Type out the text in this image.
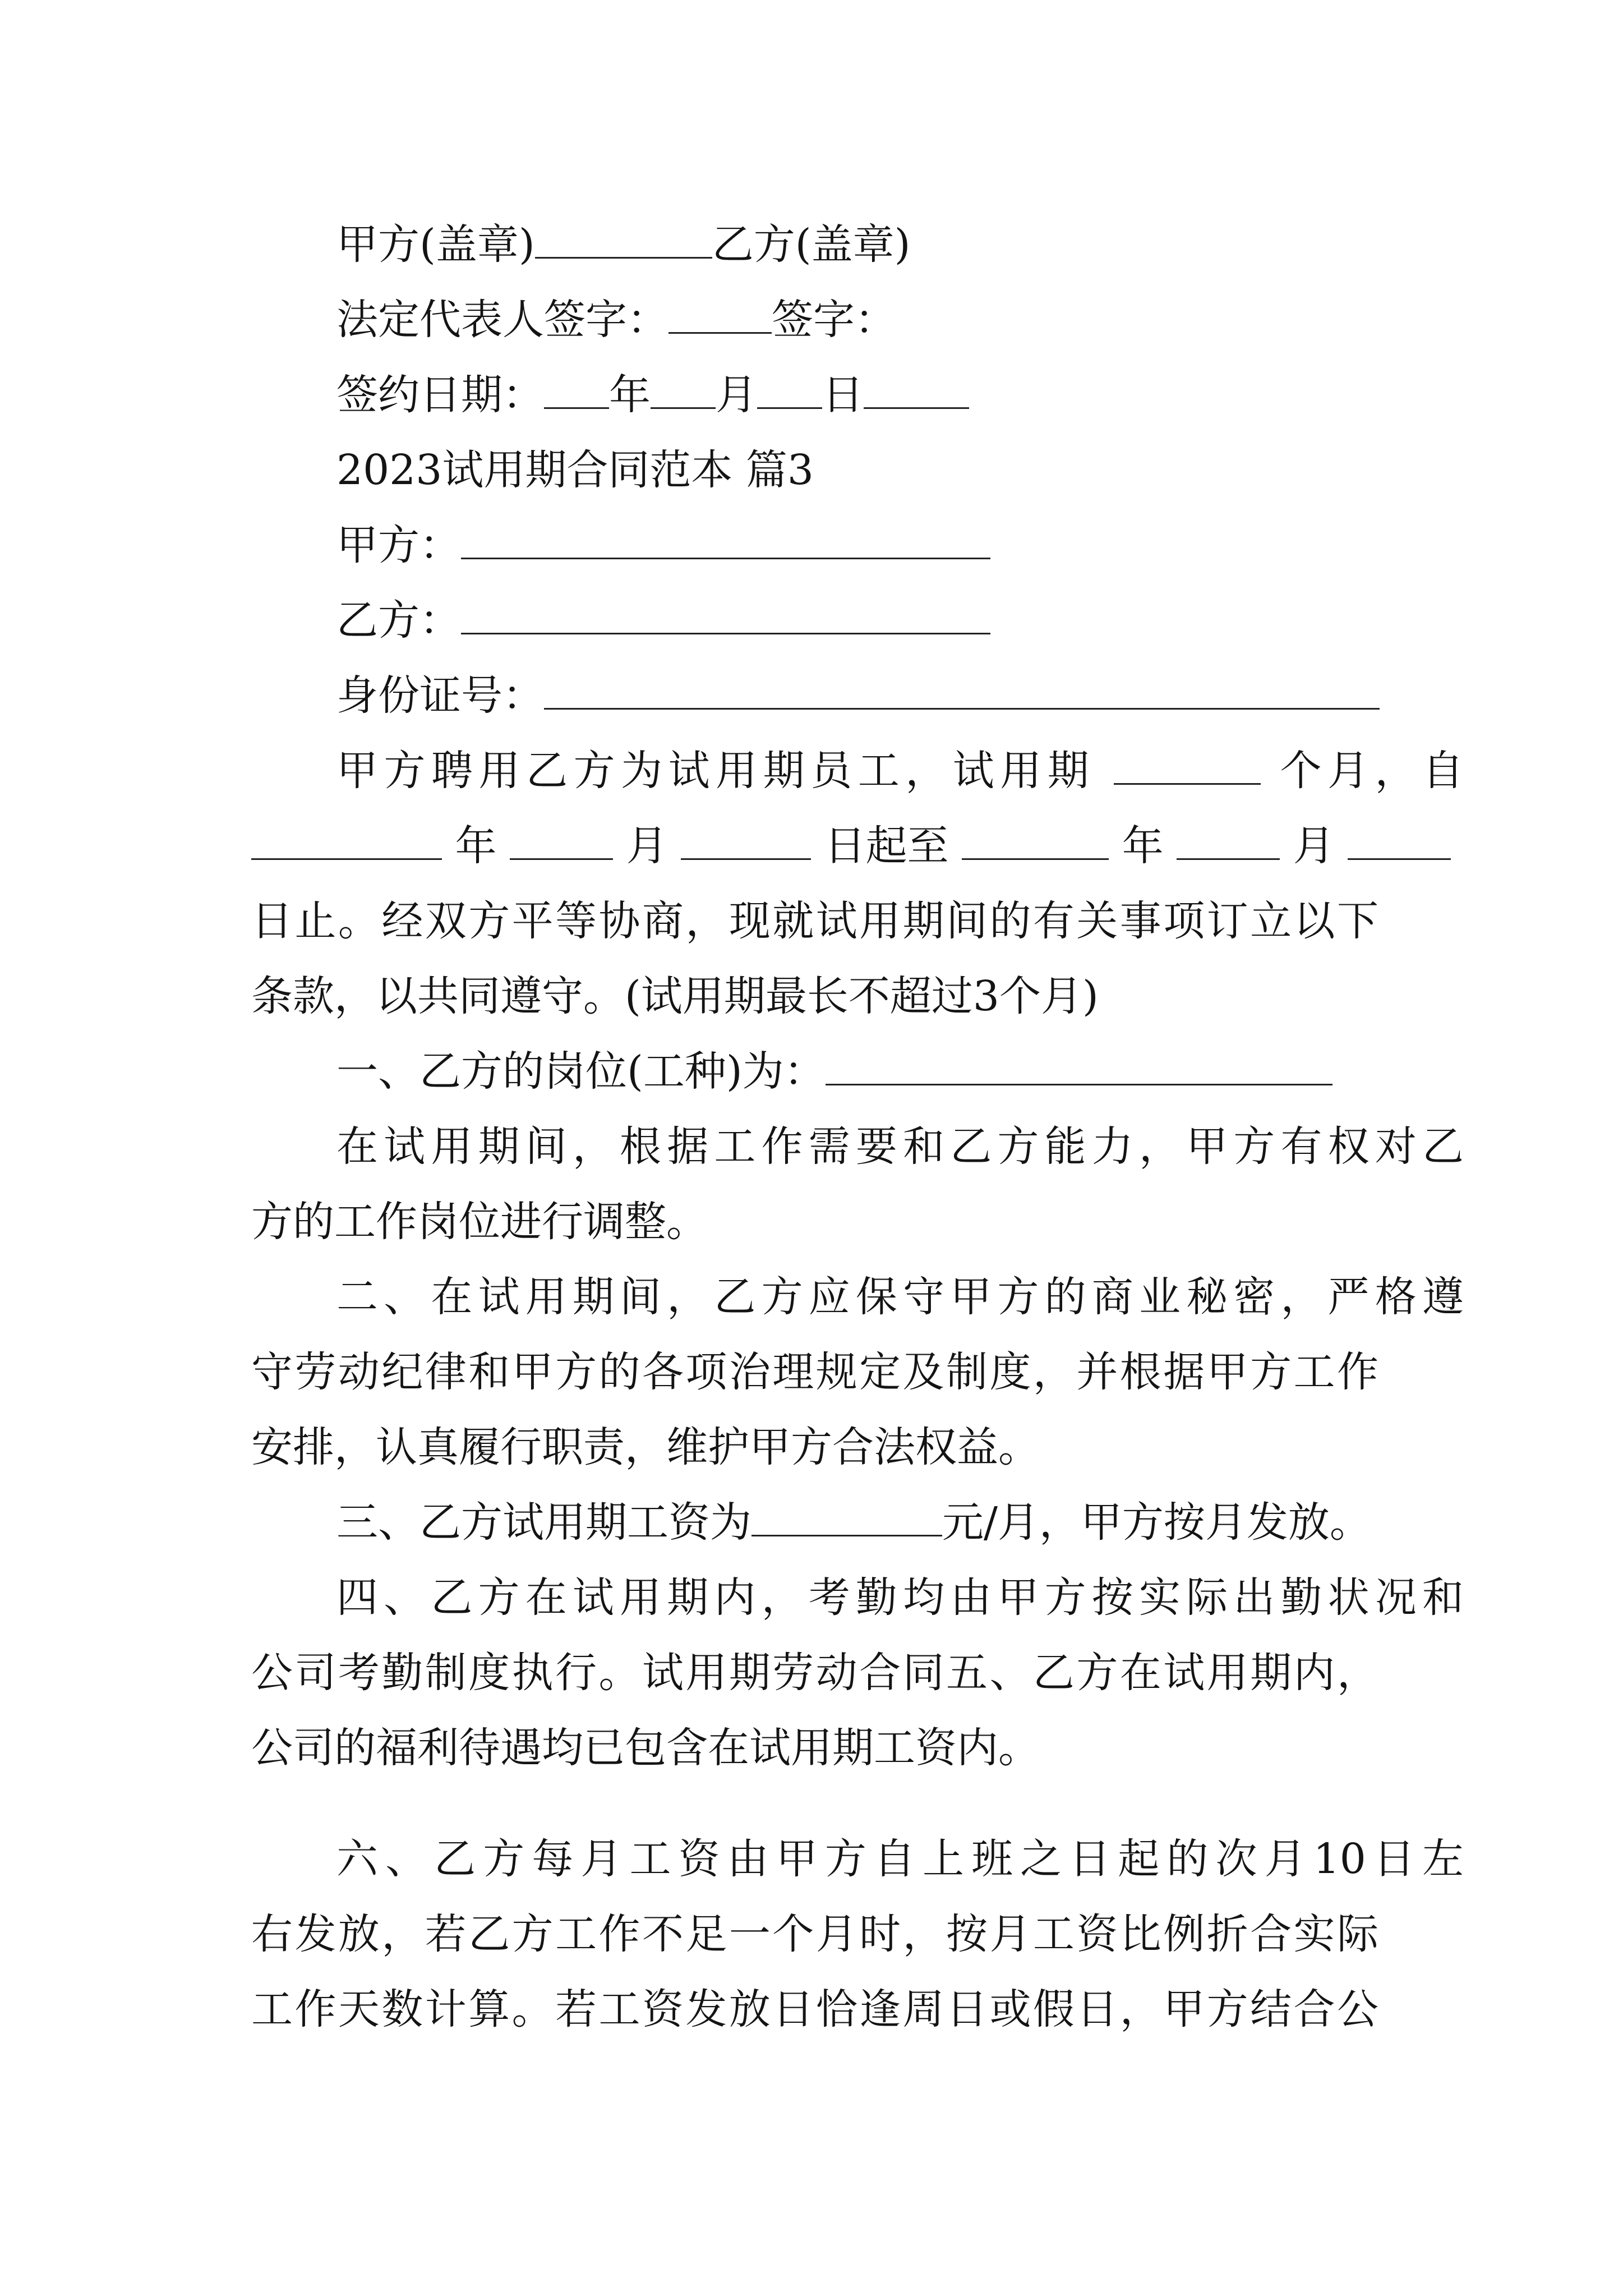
甲方(盖章)	乙方(盖章)
法定代表人签字： 签字：
签约日期： 年 月 日
2023试用期合同范本 篇3
甲方：
乙方：
身份证号：
甲方聘用乙方为试用期员工，试用期	个月，自
年	月	日起至	年	月
日止。经双方平等协商，现就试用期间的有关事项订立以下
条款，以共同遵守。(试用期最长不超过3个月)
一、乙方的岗位(工种)为：
在试用期间，根据工作需要和乙方能力，甲方有权对乙
方的工作岗位进行调整。
二、在试用期间，乙方应保守甲方的商业秘密，严格遵
守劳动纪律和甲方的各项治理规定及制度，并根据甲方工作
安排，认真履行职责，维护甲方合法权益。
三、乙方试用期工资为	元/月，甲方按月发放。
四、乙方在试用期内，考勤均由甲方按实际出勤状况和
公司考勤制度执行。试用期劳动合同五、乙方在试用期内，
公司的福利待遇均已包含在试用期工资内。
六、乙方每月工资由甲方自上班之日起的次月10日左
右发放，若乙方工作不足一个月时，按月工资比例折合实际
工作天数计算。若工资发放日恰逢周日或假日，甲方结合公
